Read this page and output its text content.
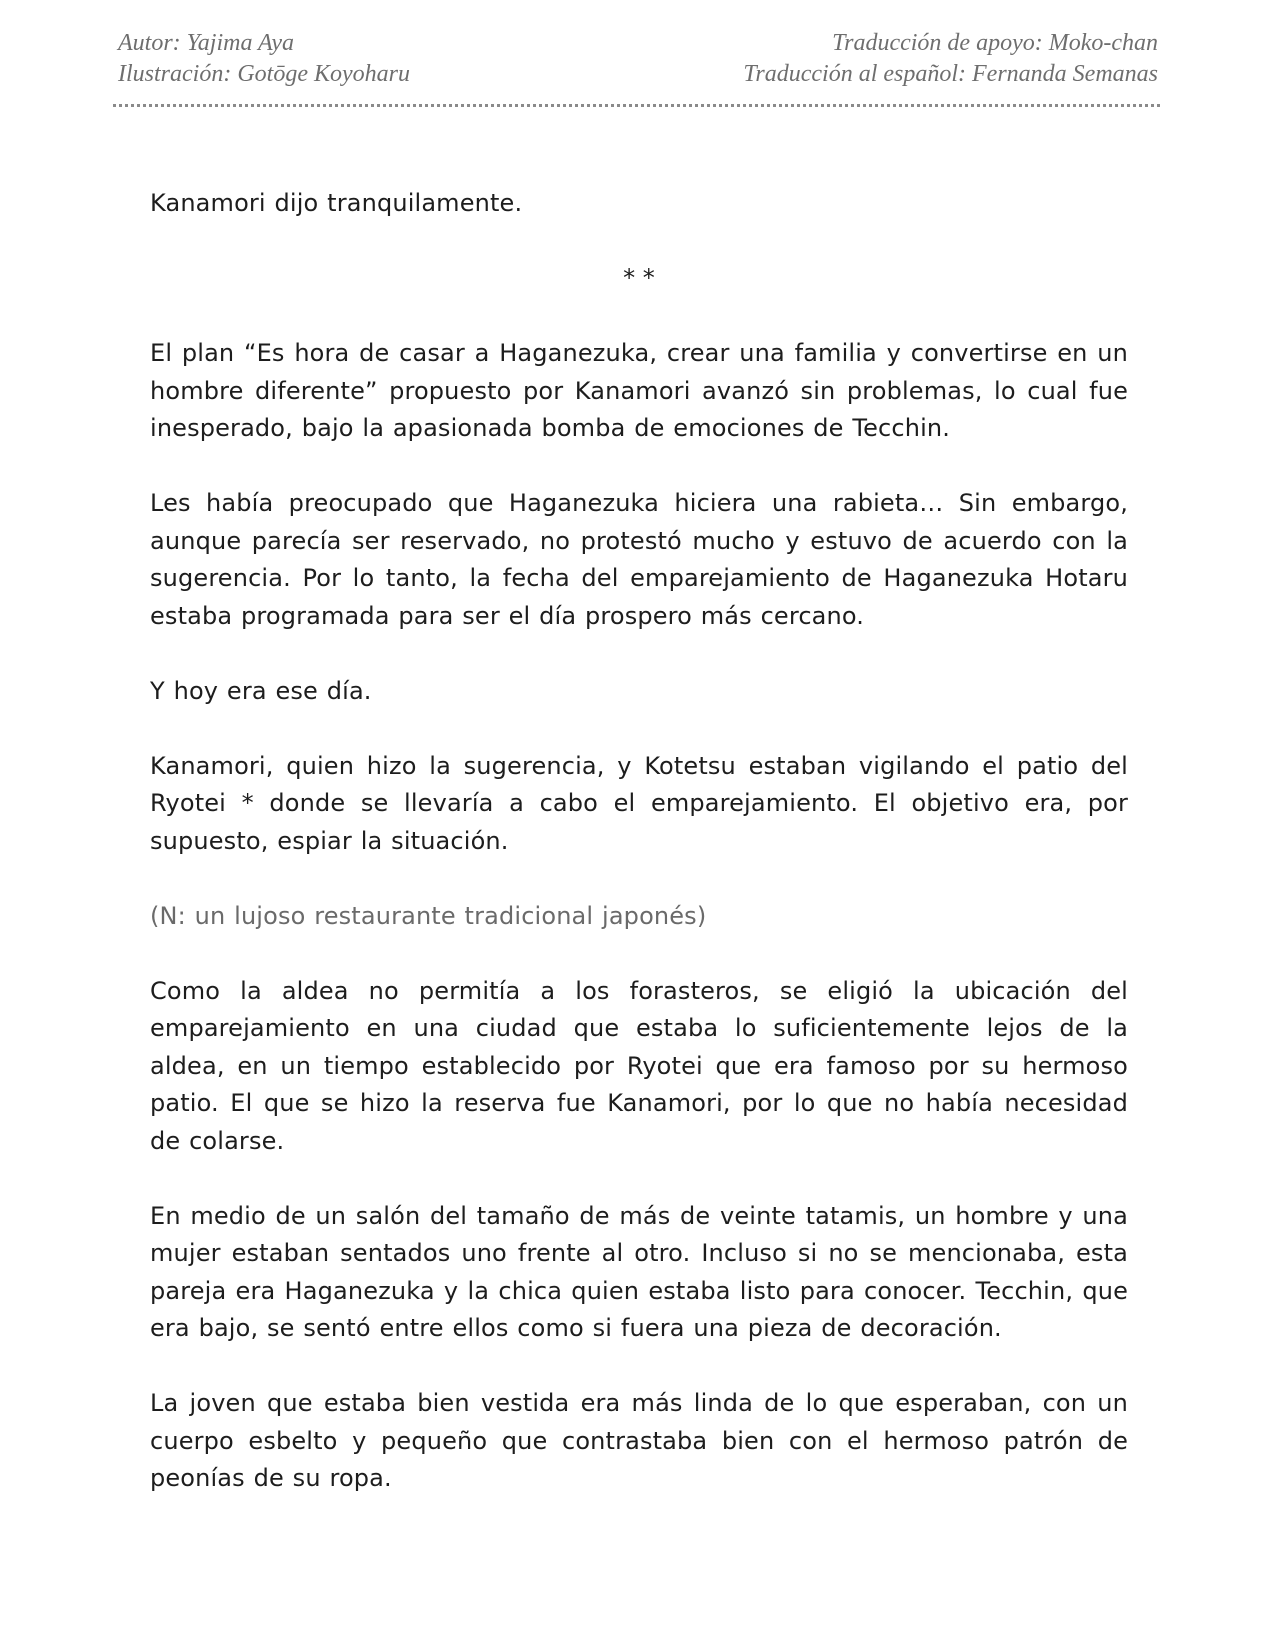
Autor: Yajima Aya
Ilustración: Gotōge Koyoharu
Traducción de apoyo: Moko-chan
Traducción al español: Fernanda Semanas

Kanamori dijo tranquilamente.

* *

El plan “Es hora de casar a Haganezuka, crear una familia y convertirse en un hombre diferente” propuesto por Kanamori avanzó sin problemas, lo cual fue inesperado, bajo la apasionada bomba de emociones de Tecchin.

Les había preocupado que Haganezuka hiciera una rabieta… Sin embargo, aunque parecía ser reservado, no protestó mucho y estuvo de acuerdo con la sugerencia. Por lo tanto, la fecha del emparejamiento de Haganezuka Hotaru estaba programada para ser el día prospero más cercano.

Y hoy era ese día.

Kanamori, quien hizo la sugerencia, y Kotetsu estaban vigilando el patio del Ryotei * donde se llevaría a cabo el emparejamiento. El objetivo era, por supuesto, espiar la situación.

(N: un lujoso restaurante tradicional japonés)

Como la aldea no permitía a los forasteros, se eligió la ubicación del emparejamiento en una ciudad que estaba lo suficientemente lejos de la aldea, en un tiempo establecido por Ryotei que era famoso por su hermoso patio. El que se hizo la reserva fue Kanamori, por lo que no había necesidad de colarse.

En medio de un salón del tamaño de más de veinte tatamis, un hombre y una mujer estaban sentados uno frente al otro. Incluso si no se mencionaba, esta pareja era Haganezuka y la chica quien estaba listo para conocer. Tecchin, que era bajo, se sentó entre ellos como si fuera una pieza de decoración.

La joven que estaba bien vestida era más linda de lo que esperaban, con un cuerpo esbelto y pequeño que contrastaba bien con el hermoso patrón de peonías de su ropa.
